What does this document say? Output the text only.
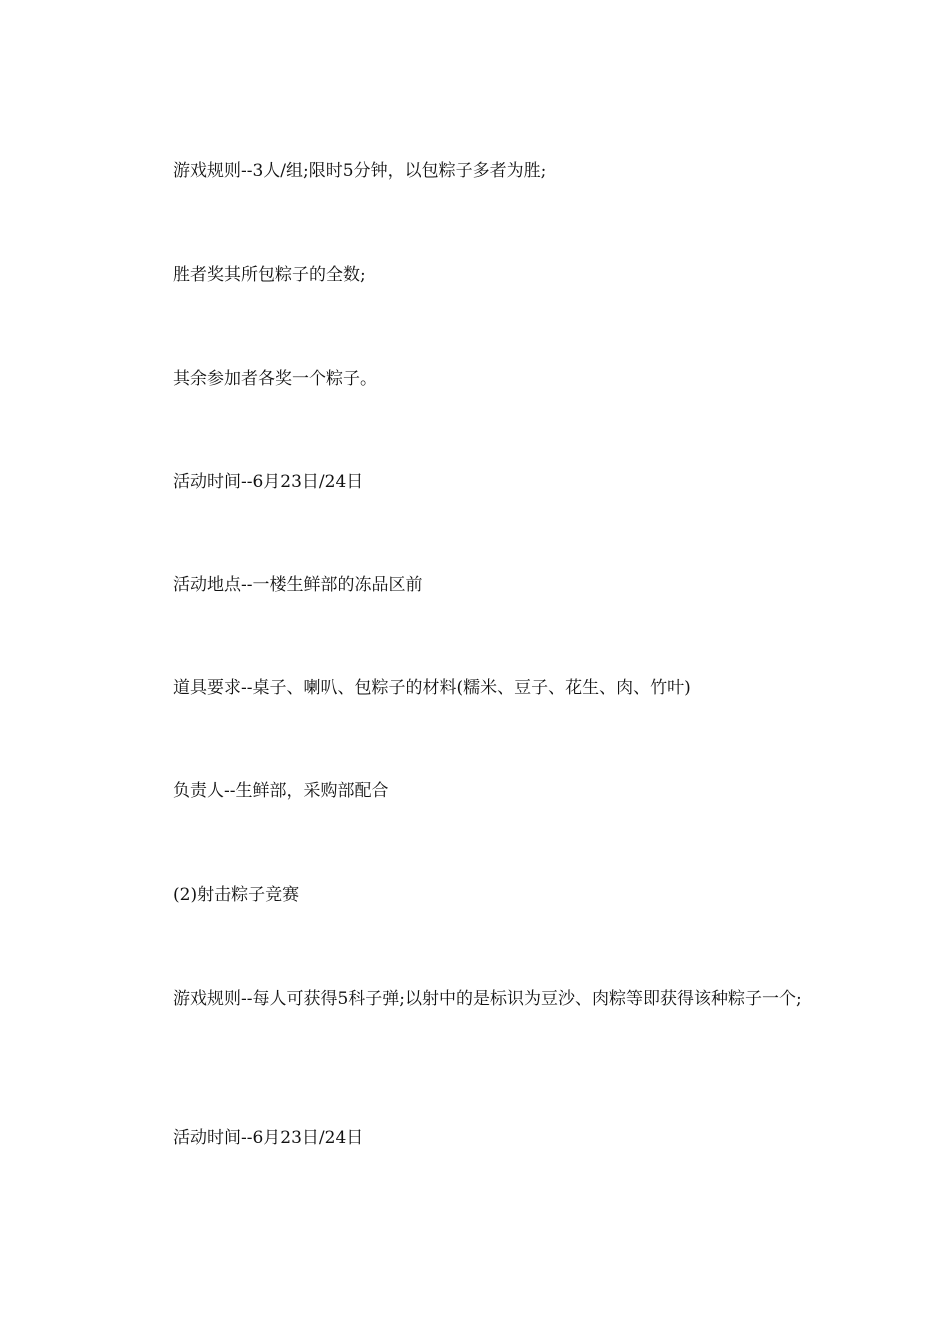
游戏规则--3人/组;限时5分钟，以包粽子多者为胜;

胜者奖其所包粽子的全数;

其余参加者各奖一个粽子。

活动时间--6月23日/24日

活动地点--一楼生鲜部的冻品区前

道具要求--桌子、喇叭、包粽子的材料(糯米、豆子、花生、肉、竹叶)

负责人--生鲜部，采购部配合

(2)射击粽子竞赛

游戏规则--每人可获得5科子弹;以射中的是标识为豆沙、肉粽等即获得该种粽子一个;

活动时间--6月23日/24日
